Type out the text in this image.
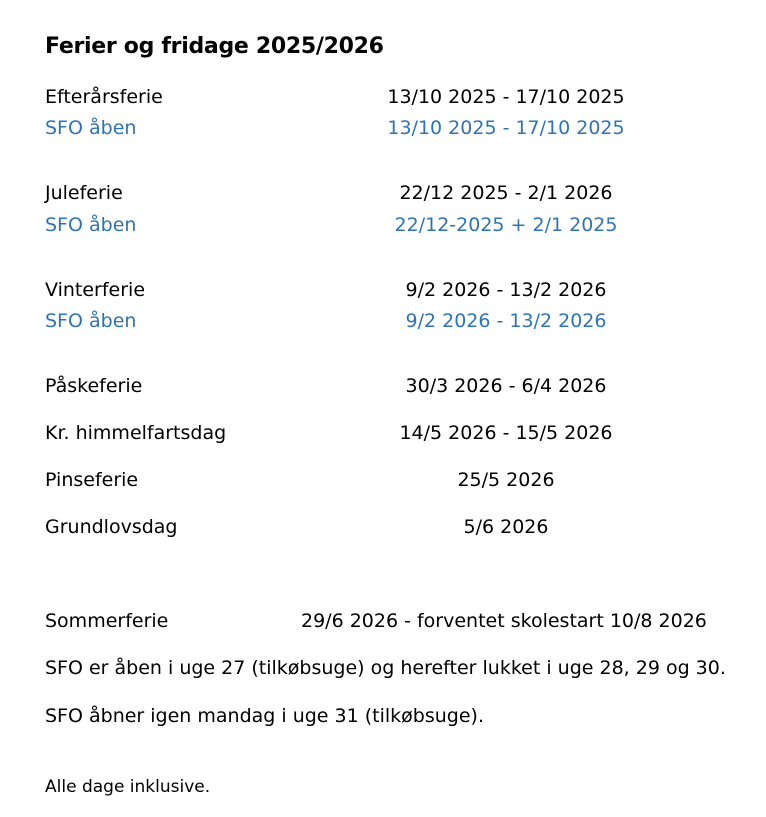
Ferier og fridage 2025/2026
Efterårsferie	13/10 2025 - 17/10 2025
SFO åben	13/10 2025 - 17/10 2025
Juleferie	22/12 2025 - 2/1 2026
SFO åben	22/12-2025 + 2/1 2025
Vinterferie	9/2 2026 - 13/2 2026
SFO åben	9/2 2026 - 13/2 2026
Påskeferie	30/3 2026 - 6/4 2026
Kr. himmelfartsdag	14/5 2026 - 15/5 2026
Pinseferie	25/5 2026
Grundlovsdag	5/6 2026
Sommerferie	29/6 2026 - forventet skolestart 10/8 2026
SFO er åben i uge 27 (tilkøbsuge) og herefter lukket i uge 28, 29 og 30.
SFO åbner igen mandag i uge 31 (tilkøbsuge).
Alle dage inklusive.
